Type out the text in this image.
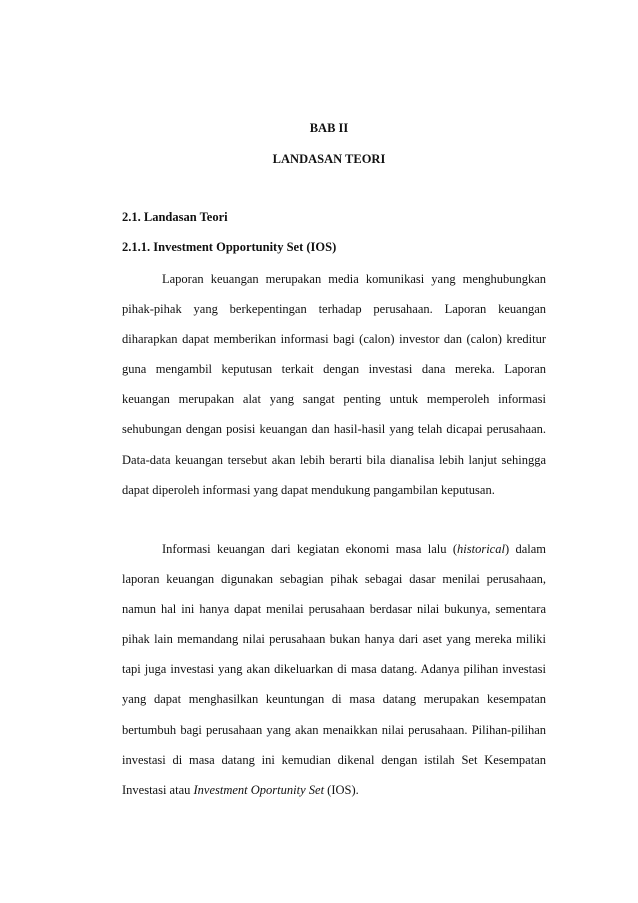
BAB II

LANDASAN TEORI

2.1. Landasan Teori

2.1.1. Investment Opportunity Set (IOS)

Laporan keuangan merupakan media komunikasi yang menghubungkan pihak-pihak yang berkepentingan terhadap perusahaan. Laporan keuangan diharapkan dapat memberikan informasi bagi (calon) investor dan (calon) kreditur guna mengambil keputusan terkait dengan investasi dana mereka. Laporan keuangan merupakan alat yang sangat penting untuk memperoleh informasi sehubungan dengan posisi keuangan dan hasil-hasil yang telah dicapai perusahaan. Data-data keuangan tersebut akan lebih berarti bila dianalisa lebih lanjut sehingga dapat diperoleh informasi yang dapat mendukung pangambilan keputusan.

Informasi keuangan dari kegiatan ekonomi masa lalu (historical) dalam laporan keuangan digunakan sebagian pihak sebagai dasar menilai perusahaan, namun hal ini hanya dapat menilai perusahaan berdasar nilai bukunya, sementara pihak lain memandang nilai perusahaan bukan hanya dari aset yang mereka miliki tapi juga investasi yang akan dikeluarkan di masa datang. Adanya pilihan investasi yang dapat menghasilkan keuntungan di masa datang merupakan kesempatan bertumbuh bagi perusahaan yang akan menaikkan nilai perusahaan. Pilihan-pilihan investasi di masa datang ini kemudian dikenal dengan istilah Set Kesempatan Investasi atau Investment Oportunity Set (IOS).
